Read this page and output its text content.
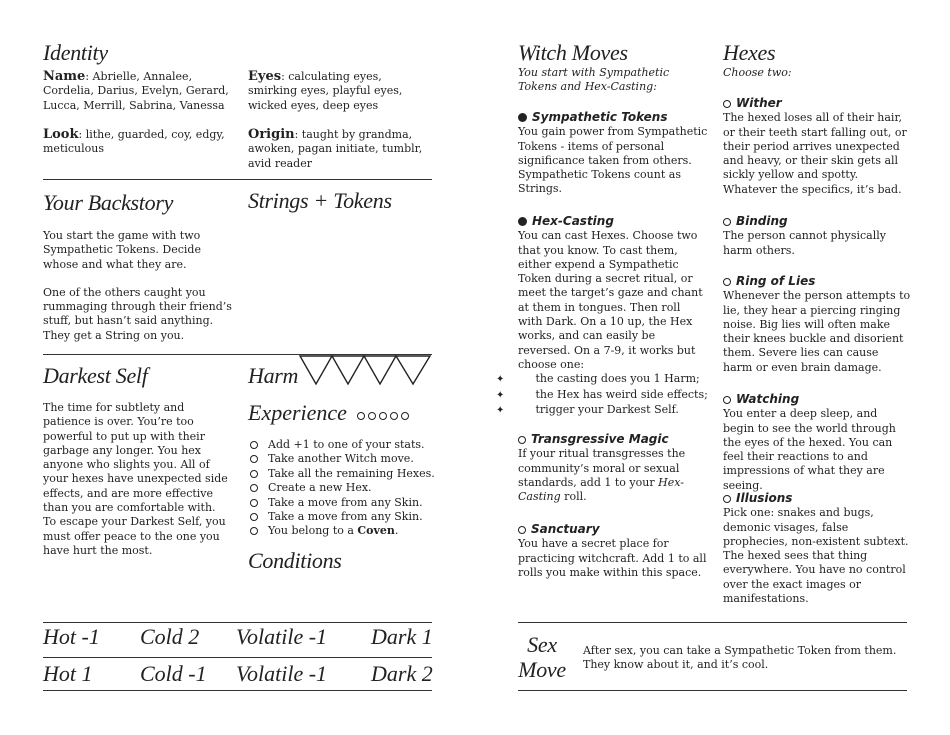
Identity
Name: Abrielle, Annalee, Cordelia, Darius, Evelyn, Gerard, Lucca, Merrill, Sabrina, Vanessa
Look: lithe, guarded, coy, edgy, meticulous
Eyes: calculating eyes, smirking eyes, playful eyes, wicked eyes, deep eyes
Origin: taught by grandma, awoken, pagan initiate, tumblr, avid reader
Your Backstory

You start the game with two Sympathetic Tokens. Decide whose and what they are.

One of the others caught you rummaging through their friend’s stuff, but hasn’t said anything. They get a String on you.

Strings + Tokens
Darkest Self
The time for subtlety and patience is over. You’re too powerful to put up with their garbage any longer. You hex anyone who slights you. All of your hexes have unexpected side effects, and are more effective than you are comfortable with. To escape your Darkest Self, you must offer peace to the one you have hurt the most.
Harm
Experience
Add +1 to one of your stats.
Take another Witch move.
Take all the remaining Hexes.
Create a new Hex.
Take a move from any Skin.
Take a move from any Skin.
You belong to a Coven.
Conditions
Hot -1 Cold 2 Volatile -1 Dark 1
Hot 1 Cold -1 Volatile -1 Dark 2
Witch Moves
You start with Sympathetic Tokens and Hex-Casting:
Sympathetic Tokens

You gain power from Sympathetic Tokens - items of personal significance taken from others. Sympathetic Tokens count as Strings.

Hex-Casting

You can cast Hexes. Choose two that you know. To cast them, either expend a Sympathetic Token during a secret ritual, or meet the target’s gaze and chant at them in tongues. Then roll with Dark. On a 10 up, the Hex works, and can easily be reversed. On a 7-9, it works but choose one:

✦	the casting does you 1 Harm;
✦	the Hex has weird side effects;
✦	trigger your Darkest Self.
Transgressive Magic

If your ritual transgresses the community’s moral or sexual standards, add 1 to your Hex-Casting roll.

Sanctuary

You have a secret place for practicing witchcraft. Add 1 to all rolls you make within this space.

Hexes
Choose two:
Wither

The hexed loses all of their hair, or their teeth start falling out, or their period arrives unexpected and heavy, or their skin gets all sickly yellow and spotty. Whatever the specifics, it’s bad.

Binding

The person cannot physically harm others.

Ring of Lies

Whenever the person attempts to lie, they hear a piercing ringing noise. Big lies will often make their knees buckle and disorient them. Severe lies can cause harm or even brain damage.

Watching

You enter a deep sleep, and begin to see the world through the eyes of the hexed. You can feel their reactions to and impressions of what they are seeing.

Illusions

Pick one: snakes and bugs, demonic visages, false prophecies, non-existent subtext. The hexed sees that thing everywhere. You have no control over the exact images or manifestations.

Sex
Move
After sex, you can take a Sympathetic Token from them. They know about it, and it’s cool.
